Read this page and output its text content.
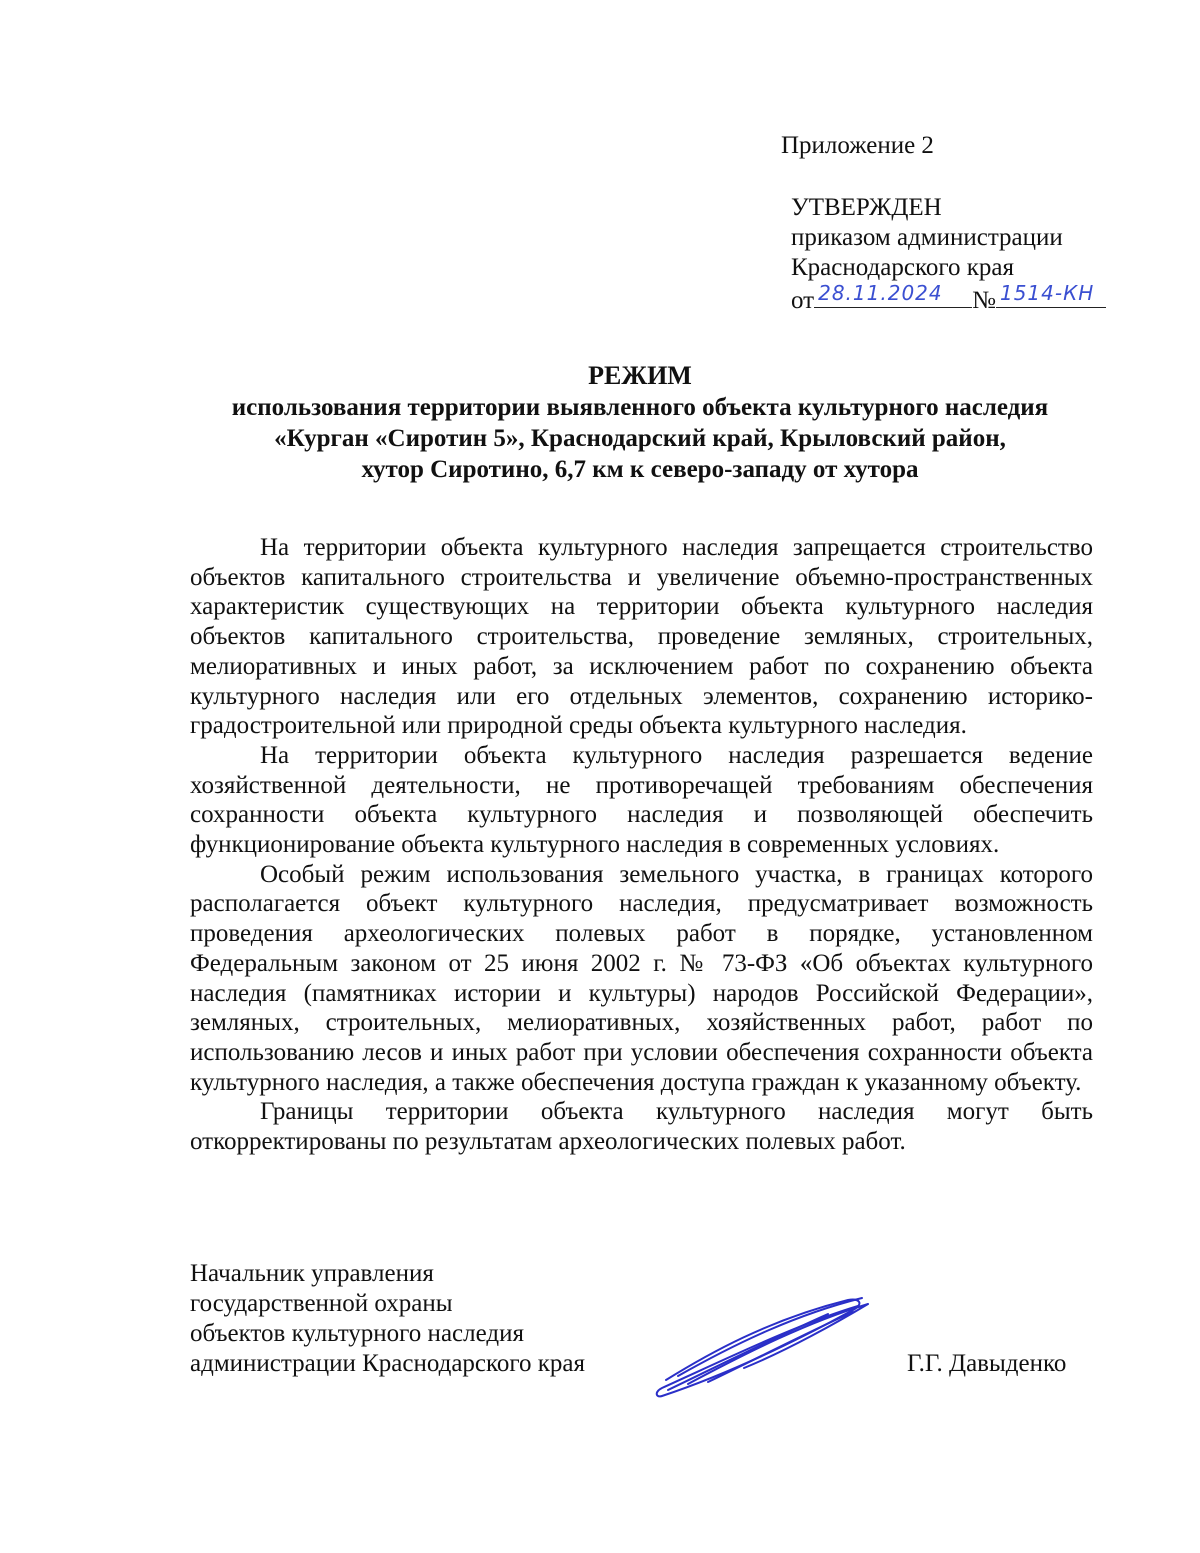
Приложение 2
УТВЕРЖДЕН
приказом администрации
Краснодарского края
от 28.11.2024 № 1514-КН
РЕЖИМ
использования территории выявленного объекта культурного наследия
«Курган «Сиротин 5», Краснодарский край, Крыловский район,
хутор Сиротино, 6,7 км к северо-западу от хутора

На территории объекта культурного наследия запрещается строительство объектов капитального строительства и увеличение объемно-пространственных характеристик существующих на территории объекта культурного наследия объектов капитального строительства, проведение земляных, строительных, мелиоративных и иных работ, за исключением работ по сохранению объекта культурного наследия или его отдельных элементов, сохранению историко-градостроительной или природной среды объекта культурного наследия.

На территории объекта культурного наследия разрешается ведение хозяйственной деятельности, не противоречащей требованиям обеспечения сохранности объекта культурного наследия и позволяющей обеспечить функционирование объекта культурного наследия в современных условиях.

Особый режим использования земельного участка, в границах которого располагается объект культурного наследия, предусматривает возможность проведения археологических полевых работ в порядке, установленном Федеральным законом от 25 июня 2002 г. № 73-ФЗ «Об объектах культурного наследия (памятниках истории и культуры) народов Российской Федерации», земляных, строительных, мелиоративных, хозяйственных работ, работ по использованию лесов и иных работ при условии обеспечения сохранности объекта культурного наследия, а также обеспечения доступа граждан к указанному объекту.

Границы территории объекта культурного наследия могут быть откорректированы по результатам археологических полевых работ.

Начальник управления
государственной охраны
объектов культурного наследия
администрации Краснодарского края	Г.Г. Давыденко
